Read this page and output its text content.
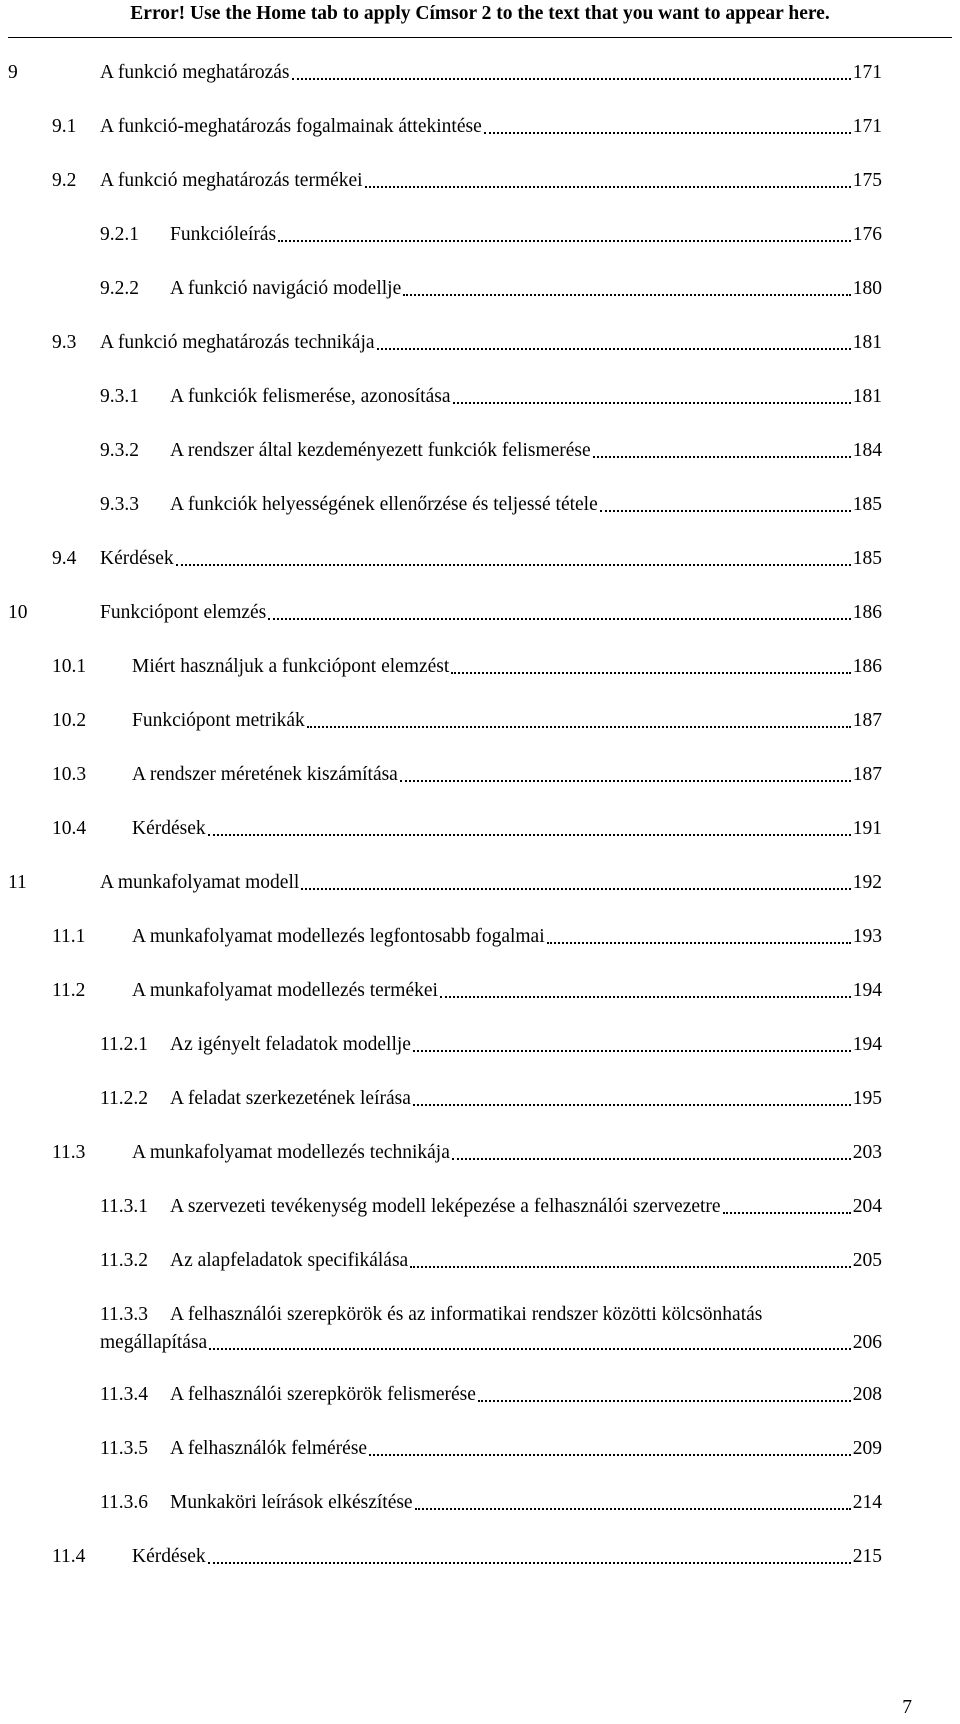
Error! Use the Home tab to apply Címsor 2 to the text that you want to appear here.
9	A funkció meghatározás	171
9.1 A funkció-meghatározás fogalmainak áttekintése	171
9.2 A funkció meghatározás termékei	175
9.2.1 Funkcióleírás	176
9.2.2 A funkció navigáció modellje	180
9.3 A funkció meghatározás technikája	181
9.3.1 A funkciók felismerése, azonosítása	181
9.3.2 A rendszer által kezdeményezett funkciók felismerése	184
9.3.3 A funkciók helyességének ellenőrzése és teljessé tétele	185
9.4 Kérdések	185
10	Funkciópont elemzés	186
10.1 Miért használjuk a funkciópont elemzést	186
10.2 Funkciópont metrikák	187
10.3 A rendszer méretének kiszámítása	187
10.4 Kérdések	191
11	A munkafolyamat modell	192
11.1 A munkafolyamat modellezés legfontosabb fogalmai	193
11.2 A munkafolyamat modellezés termékei	194
11.2.1 Az igényelt feladatok modellje	194
11.2.2 A feladat szerkezetének leírása	195
11.3 A munkafolyamat modellezés technikája	203
11.3.1 A szervezeti tevékenység modell leképezése a felhasználói szervezetre	204
11.3.2 Az alapfeladatok specifikálása	205
11.3.3 A felhasználói szerepkörök és az informatikai rendszer közötti kölcsönhatás
megállapítása	206
11.3.4 A felhasználói szerepkörök felismerése	208
11.3.5 A felhasználók felmérése	209
11.3.6 Munkaköri leírások elkészítése	214
11.4 Kérdések	215
7
